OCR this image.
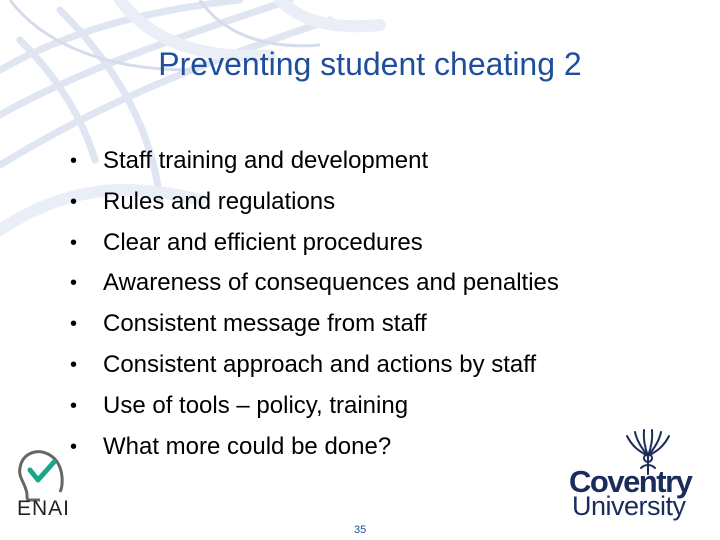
Preventing student cheating 2
• Staff training and development
• Rules and regulations
• Clear and efficient procedures
• Awareness of consequences and penalties
• Consistent message from staff
• Consistent approach and actions by staff
• Use of tools – policy, training
• What more could be done?
ENAI
Coventry
University
35
